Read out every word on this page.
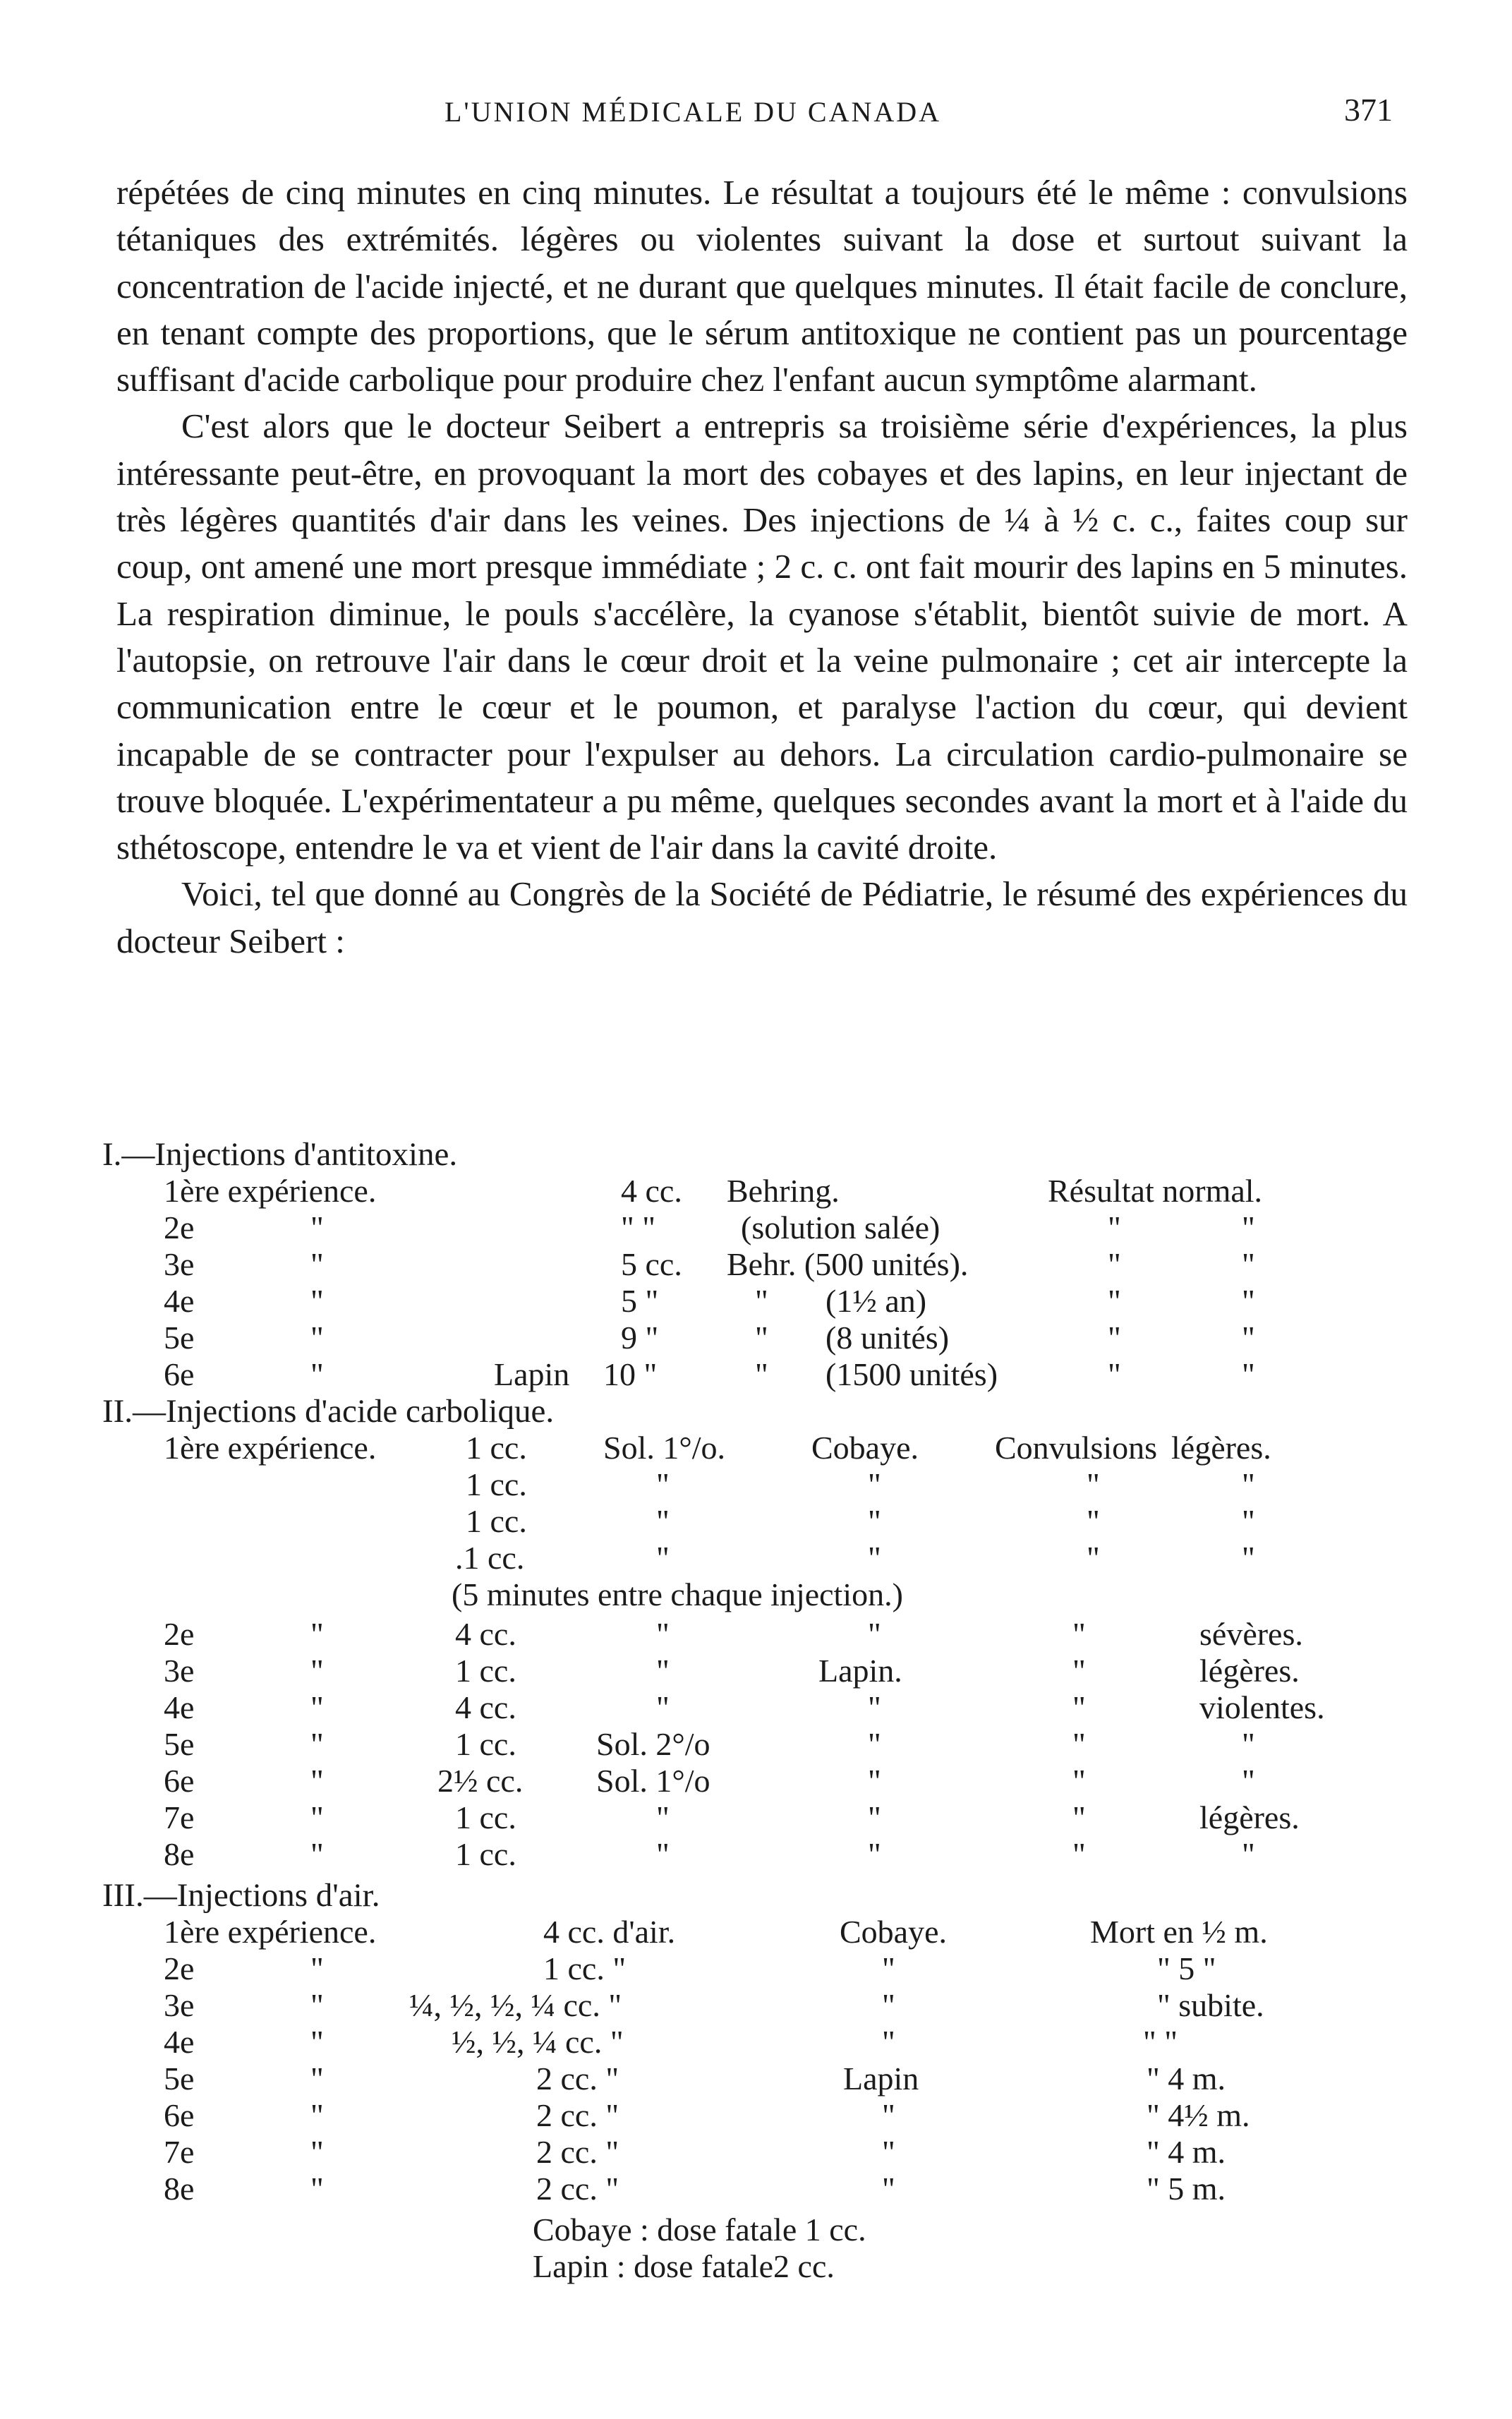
L'UNION MÉDICALE DU CANADA	371

répétées de cinq minutes en cinq minutes. Le résultat a toujours été le même : convulsions tétaniques des extrémités. légères ou violentes suivant la dose et surtout suivant la concentration de l'acide injecté, et ne durant que quelques minutes. Il était facile de conclure, en tenant compte des proportions, que le sérum antitoxique ne contient pas un pourcentage suffisant d'acide carbolique pour produire chez l'enfant aucun symptôme alarmant.

C'est alors que le docteur Seibert a entrepris sa troisième série d'expériences, la plus intéressante peut-être, en provoquant la mort des cobayes et des lapins, en leur injectant de très légères quantités d'air dans les veines. Des injections de ¼ à ½ c. c., faites coup sur coup, ont amené une mort presque immédiate ; 2 c. c. ont fait mourir des lapins en 5 minutes. La respiration diminue, le pouls s'accélère, la cyanose s'établit, bientôt suivie de mort. A l'autopsie, on retrouve l'air dans le cœur droit et la veine pulmonaire ; cet air intercepte la communication entre le cœur et le poumon, et paralyse l'action du cœur, qui devient incapable de se contracter pour l'expulser au dehors. La circulation cardio-pulmonaire se trouve bloquée. L'expérimentateur a pu même, quelques secondes avant la mort et à l'aide du sthétoscope, entendre le va et vient de l'air dans la cavité droite.

Voici, tel que donné au Congrès de la Société de Pédiatrie, le résumé des expériences du docteur Seibert :

I.—Injections d'antitoxine.
1ère expérience.	4 cc. Behring.	Résultat normal.
2e	"	" "	(solution salée)	"	"
3e	"	5 cc. Behr. (500 unités).	"	"
4e	"	5 "	" (1½ an)	"	"
5e	"	9 "	" (8 unités)	"	"
6e	"	Lapin 10 "	" (1500 unités)	"	"
II.—Injections d'acide carbolique.
1ère expérience.	1 cc. Sol. 1°/o.	Cobaye. Convulsions légères.
1 cc.	"	"	"	"
1 cc.	"	"	"	"
.1 cc.	"	"	"	"
(5 minutes entre chaque injection.)
2e	"	4 cc.	"	"	"	sévères.
3e	"	1 cc.	"	Lapin.	"	légères.
4e	"	4 cc.	"	"	"	violentes.
5e	"	1 cc. Sol. 2°/o	"	"	"
6e	"	2½ cc. Sol. 1°/o	"	"	"
7e	"	1 cc.	"	"	"	légères.
8e	"	1 cc.	"	"	"	"
III.—Injections d'air.
1ère expérience.	4 cc. d'air.	Cobaye.	Mort en ½ m.
2e	"	1 cc. "	"	" 5 "
3e	"	¼, ½, ½, ¼ cc. "	"	" subite.
4e	"	½, ½, ¼ cc. "	"	" "
5e	"	2 cc. "	Lapin	" 4 m.
6e	"	2 cc. "	"	" 4½ m.
7e	"	2 cc. "	"	" 4 m.
8e	"	2 cc. "	"	" 5 m.
Cobaye : dose fatale 1 cc.
Lapin : dose fatale2 cc.
